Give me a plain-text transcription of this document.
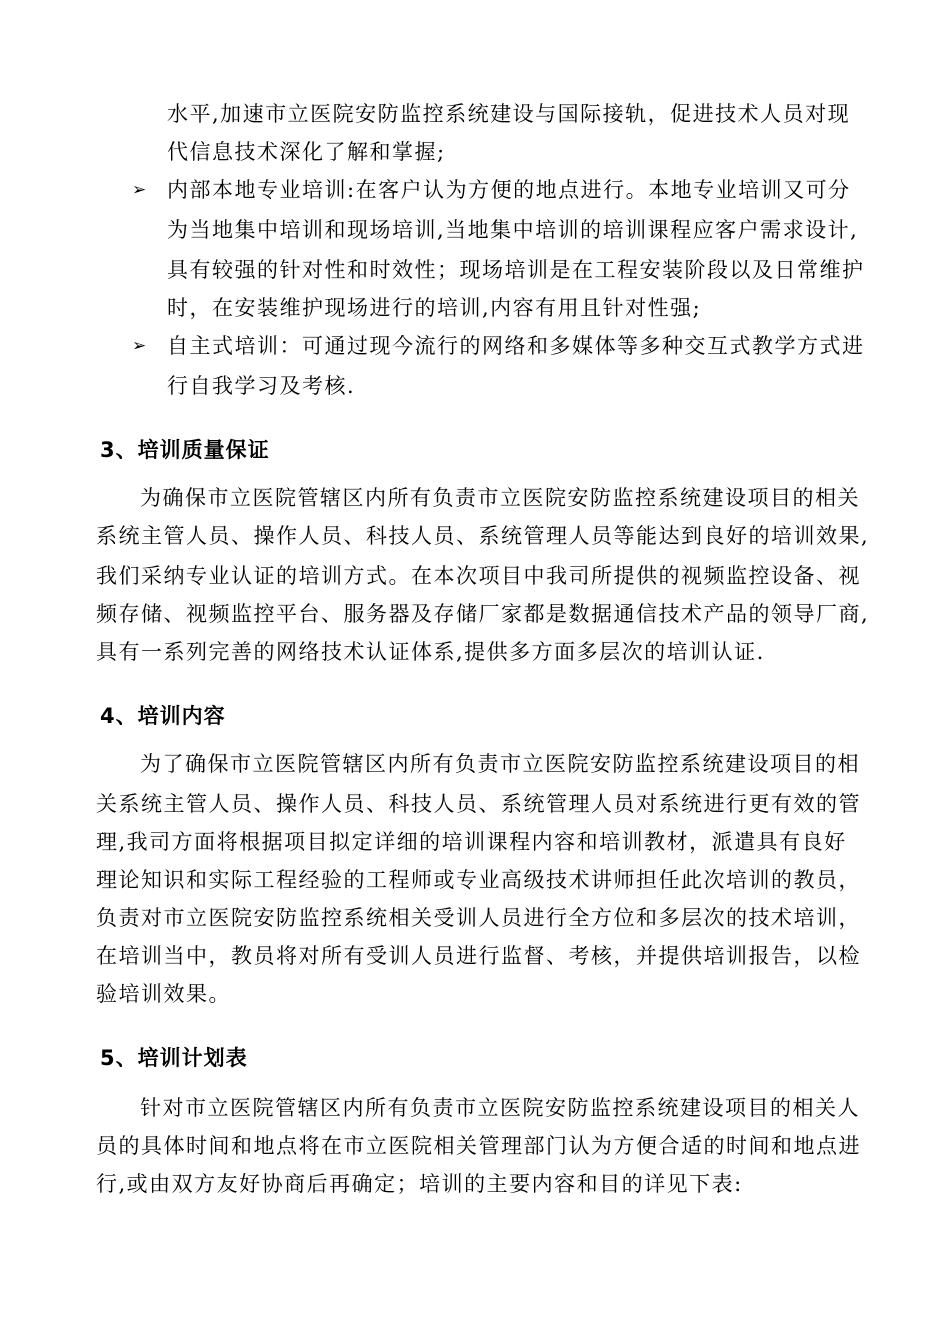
水平,加速市立医院安防监控系统建设与国际接轨，促进技术人员对现
代信息技术深化了解和掌握;
➢ 内部本地专业培训:在客户认为方便的地点进行。本地专业培训又可分
为当地集中培训和现场培训,当地集中培训的培训课程应客户需求设计,
具有较强的针对性和时效性；现场培训是在工程安装阶段以及日常维护
时，在安装维护现场进行的培训,内容有用且针对性强;
➢ 自主式培训：可通过现今流行的网络和多媒体等多种交互式教学方式进
行自我学习及考核.
3、培训质量保证
为确保市立医院管辖区内所有负责市立医院安防监控系统建设项目的相关
系统主管人员、操作人员、科技人员、系统管理人员等能达到良好的培训效果,
我们采纳专业认证的培训方式。在本次项目中我司所提供的视频监控设备、视
频存储、视频监控平台、服务器及存储厂家都是数据通信技术产品的领导厂商,
具有一系列完善的网络技术认证体系,提供多方面多层次的培训认证.
4、培训内容
为了确保市立医院管辖区内所有负责市立医院安防监控系统建设项目的相
关系统主管人员、操作人员、科技人员、系统管理人员对系统进行更有效的管
理,我司方面将根据项目拟定详细的培训课程内容和培训教材，派遣具有良好
理论知识和实际工程经验的工程师或专业高级技术讲师担任此次培训的教员，
负责对市立医院安防监控系统相关受训人员进行全方位和多层次的技术培训，
在培训当中，教员将对所有受训人员进行监督、考核，并提供培训报告，以检
验培训效果。
5、培训计划表
针对市立医院管辖区内所有负责市立医院安防监控系统建设项目的相关人
员的具体时间和地点将在市立医院相关管理部门认为方便合适的时间和地点进
行,或由双方友好协商后再确定；培训的主要内容和目的详见下表:
